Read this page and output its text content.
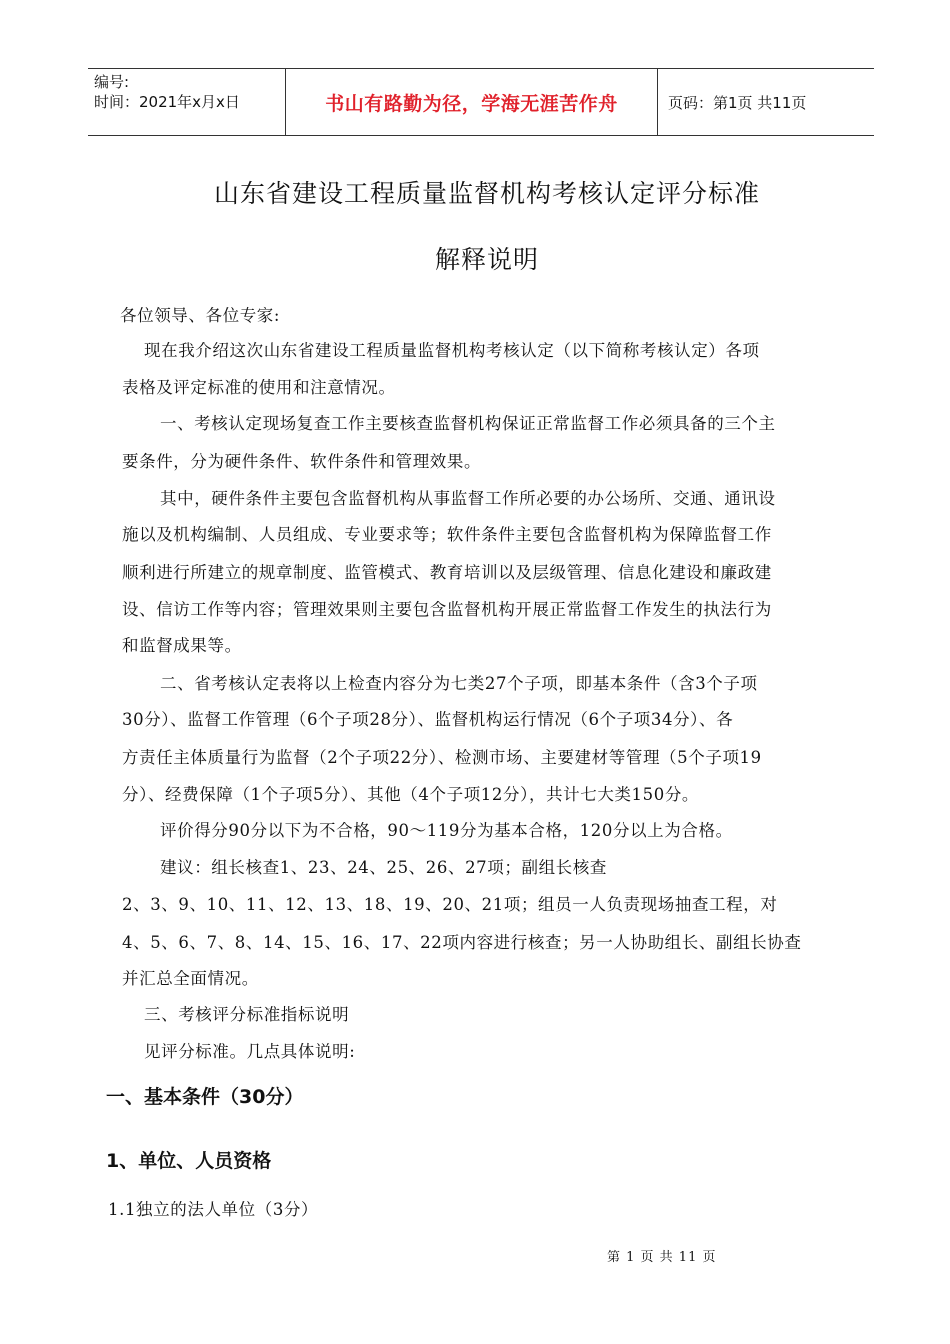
编号:
时间：2021年x月x日	书山有路勤为径，学海无涯苦作舟	页码：第1页 共11页
山东省建设工程质量监督机构考核认定评分标准
解释说明
各位领导、各位专家:
现在我介绍这次山东省建设工程质量监督机构考核认定（以下简称考核认定）各项
表格及评定标准的使用和注意情况。
一、考核认定现场复查工作主要核查监督机构保证正常监督工作必须具备的三个主
要条件，分为硬件条件、软件条件和管理效果。
其中，硬件条件主要包含监督机构从事监督工作所必要的办公场所、交通、通讯设
施以及机构编制、人员组成、专业要求等；软件条件主要包含监督机构为保障监督工作
顺利进行所建立的规章制度、监管模式、教育培训以及层级管理、信息化建设和廉政建
设、信访工作等内容；管理效果则主要包含监督机构开展正常监督工作发生的执法行为
和监督成果等。
二、省考核认定表将以上检查内容分为七类27个子项，即基本条件（含3个子项
30分）、监督工作管理（6个子项28分）、监督机构运行情况（6个子项34分）、各
方责任主体质量行为监督（2个子项22分）、检测市场、主要建材等管理（5个子项19
分）、经费保障（1个子项5分）、其他（4个子项12分），共计七大类150分。
评价得分90分以下为不合格，90～119分为基本合格，120分以上为合格。
建议：组长核查1、23、24、25、26、27项；副组长核查
2、3、9、10、11、12、13、18、19、20、21项；组员一人负责现场抽查工程，对
4、5、6、7、8、14、15、16、17、22项内容进行核查；另一人协助组长、副组长协查
并汇总全面情况。
三、考核评分标准指标说明
见评分标准。几点具体说明:
一、基本条件（30分）
1、单位、人员资格
1.1独立的法人单位（3分）
第 1 页 共 11 页
